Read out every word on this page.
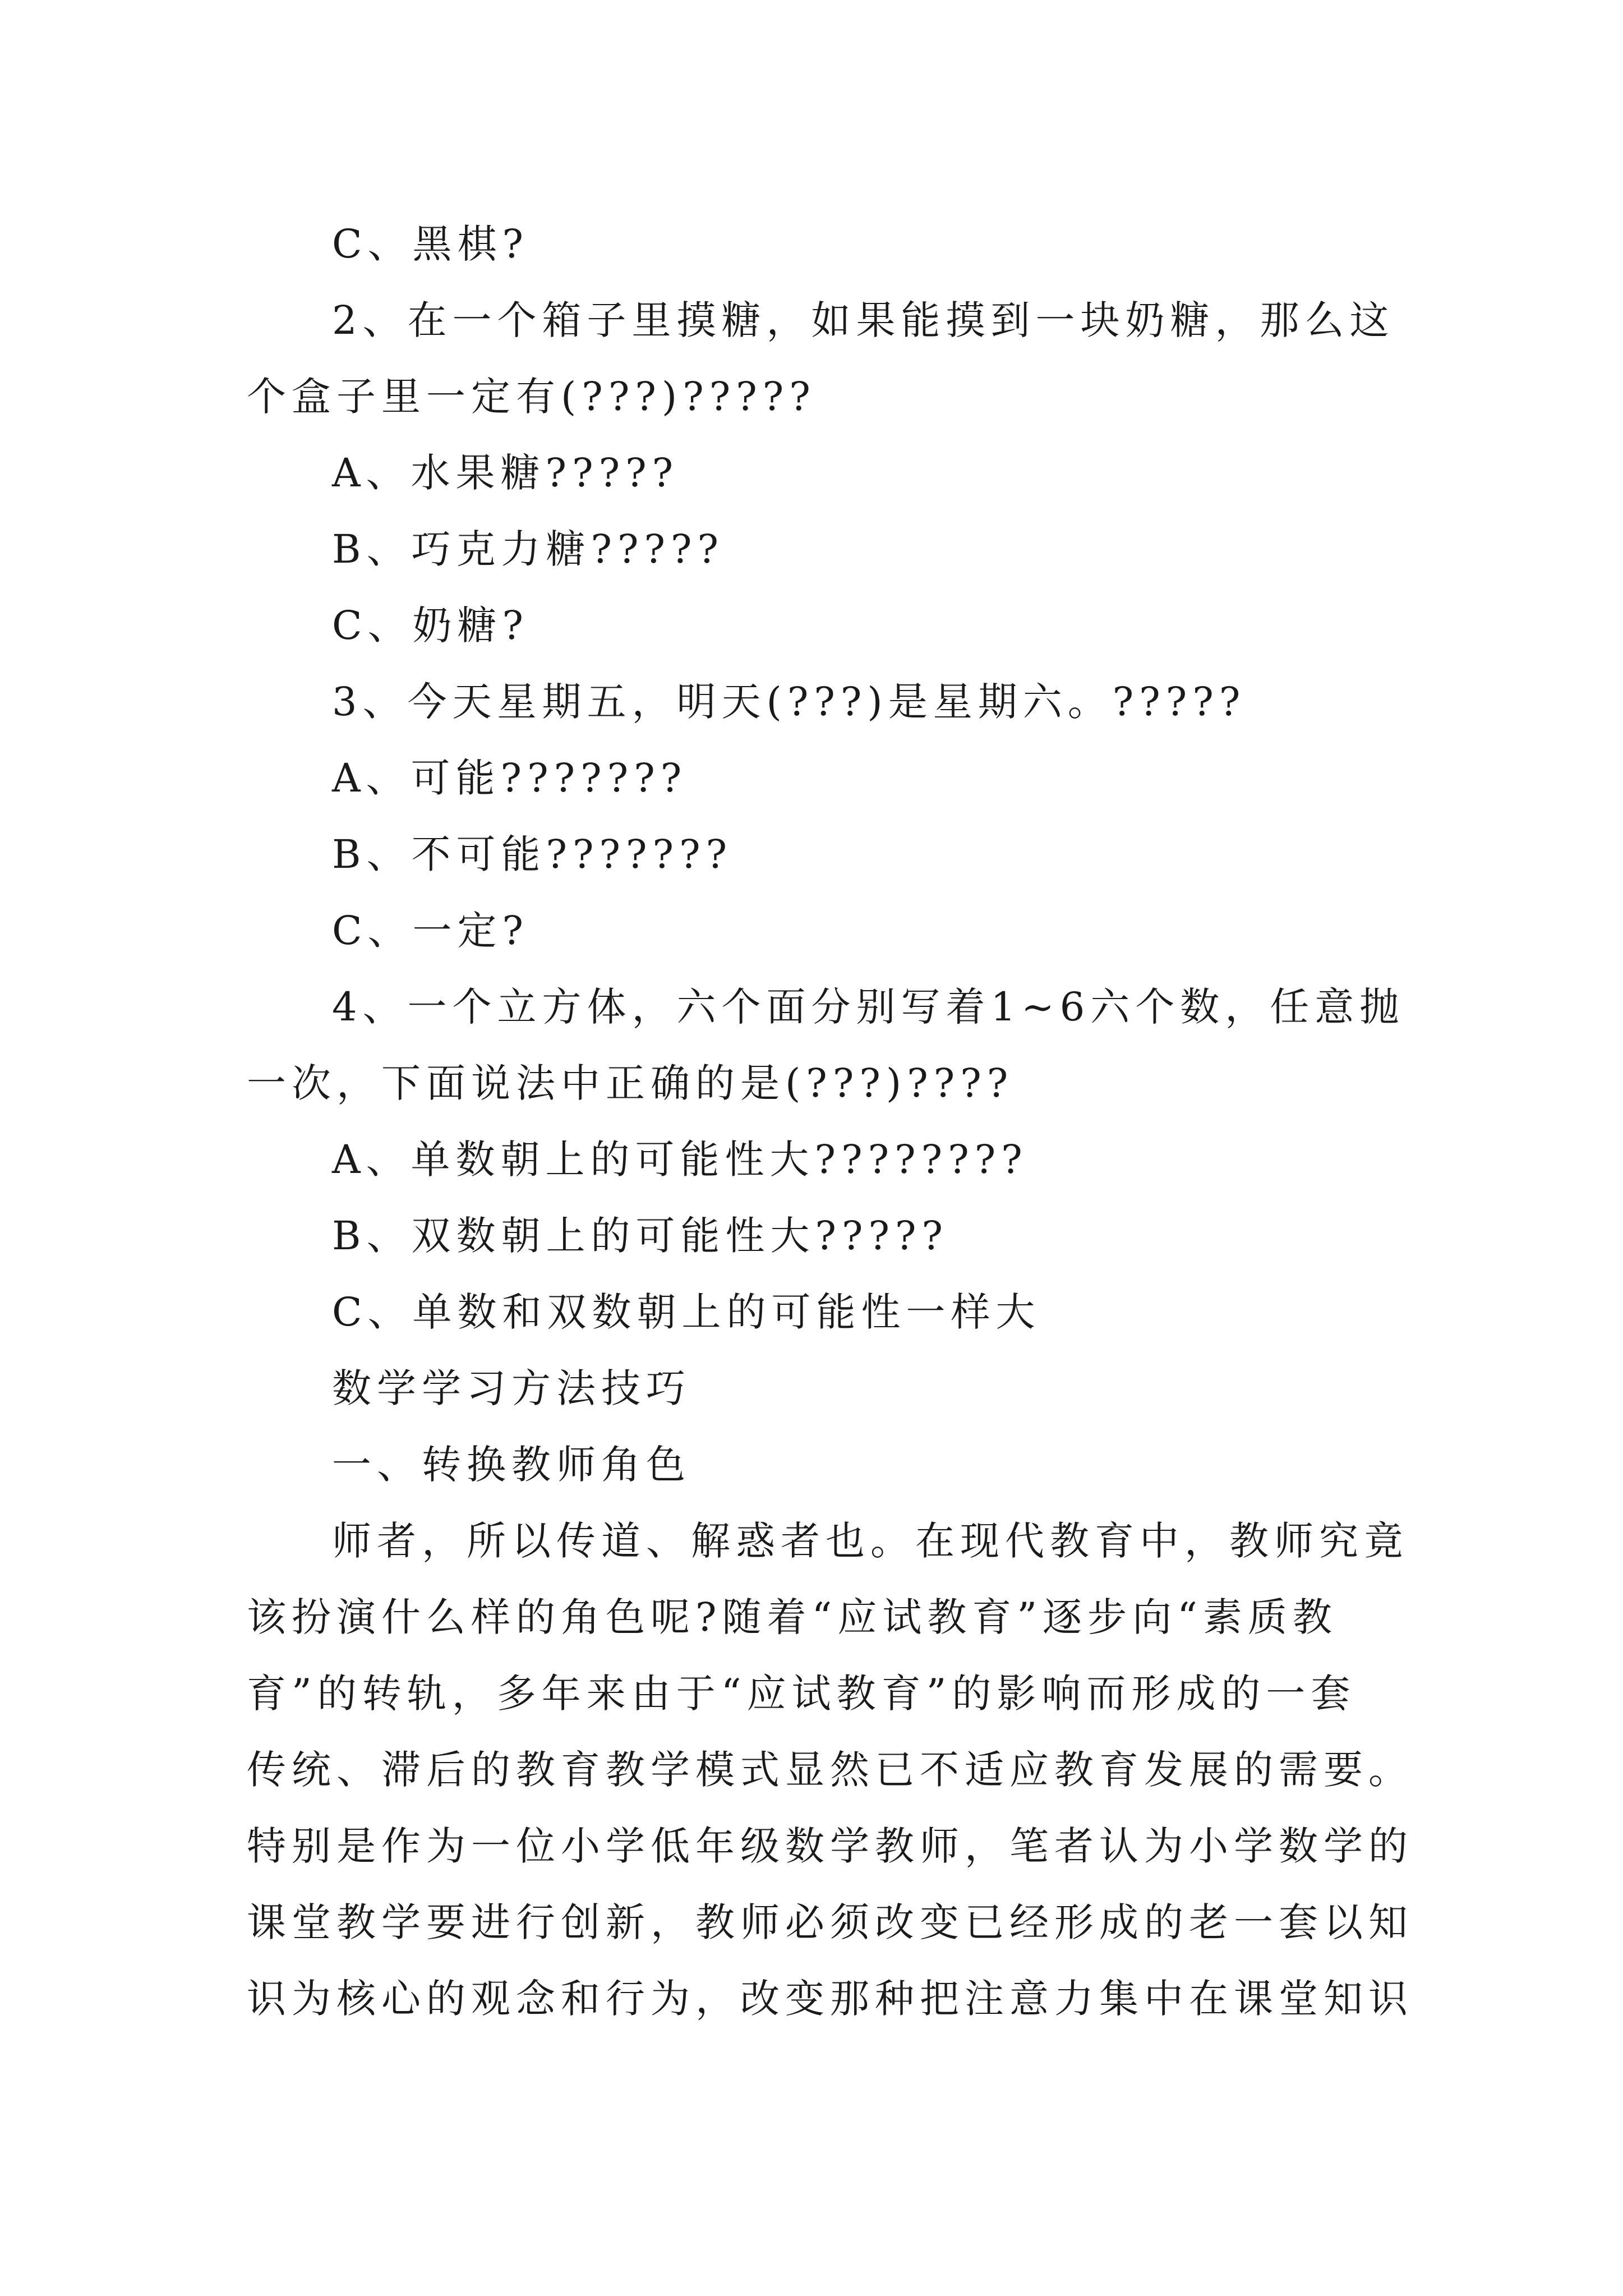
C、黑棋?
2、在一个箱子里摸糖，如果能摸到一块奶糖，那么这
个盒子里一定有(???)?????
A、水果糖?????
B、巧克力糖?????
C、奶糖?
3、今天星期五，明天(???)是星期六。?????
A、可能???????
B、不可能???????
C、一定?
4、一个立方体，六个面分别写着1~6六个数，任意抛
一次，下面说法中正确的是(???)????
A、单数朝上的可能性大????????
B、双数朝上的可能性大?????
C、单数和双数朝上的可能性一样大
数学学习方法技巧
一、转换教师角色
师者，所以传道、解惑者也。在现代教育中，教师究竟
该扮演什么样的角色呢?随着“应试教育”逐步向“素质教
育”的转轨，多年来由于“应试教育”的影响而形成的一套
传统、滞后的教育教学模式显然已不适应教育发展的需要。
特别是作为一位小学低年级数学教师，笔者认为小学数学的
课堂教学要进行创新，教师必须改变已经形成的老一套以知
识为核心的观念和行为，改变那种把注意力集中在课堂知识
